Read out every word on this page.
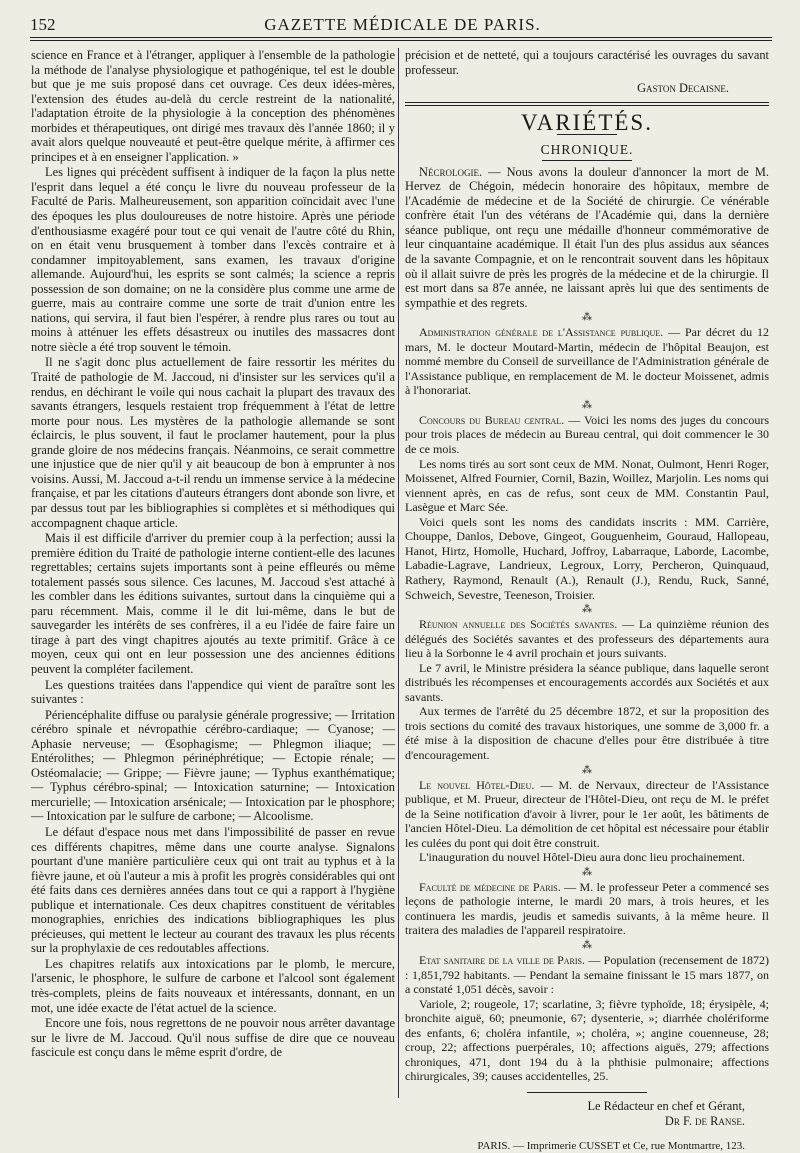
152	GAZETTE MÉDICALE DE PARIS.

science en France et à l'étranger, appliquer à l'ensemble de la pathologie la méthode de l'analyse physiologique et pathogénique, tel est le double but que je me suis proposé dans cet ouvrage. Ces deux idées-mères, l'extension des études au-delà du cercle restreint de la nationalité, l'adaptation étroite de la physiologie à la conception des phénomènes morbides et thérapeutiques, ont dirigé mes travaux dès l'année 1860; il y avait alors quelque nouveauté et peut-être quelque mérite, à affirmer ces principes et à en enseigner l'application. »

Les lignes qui précèdent suffisent à indiquer de la façon la plus nette l'esprit dans lequel a été conçu le livre du nouveau professeur de la Faculté de Paris. Malheureusement, son apparition coïncidait avec l'une des époques les plus douloureuses de notre histoire. Après une période d'enthousiasme exagéré pour tout ce qui venait de l'autre côté du Rhin, on en était venu brusquement à tomber dans l'excès contraire et à condamner impitoyablement, sans examen, les travaux d'origine allemande. Aujourd'hui, les esprits se sont calmés; la science a repris possession de son domaine; on ne la considère plus comme une arme de guerre, mais au contraire comme une sorte de trait d'union entre les nations, qui servira, il faut bien l'espérer, à rendre plus rares ou tout au moins à atténuer les effets désastreux ou inutiles des massacres dont notre siècle a été trop souvent le témoin.

Il ne s'agit donc plus actuellement de faire ressortir les mérites du Traité de pathologie de M. Jaccoud, ni d'insister sur les services qu'il a rendus, en déchirant le voile qui nous cachait la plupart des travaux des savants étrangers, lesquels restaient trop fréquemment à l'état de lettre morte pour nous. Les mystères de la pathologie allemande se sont éclaircis, le plus souvent, il faut le proclamer hautement, pour la plus grande gloire de nos médecins français. Néanmoins, ce serait commettre une injustice que de nier qu'il y ait beaucoup de bon à emprunter à nos voisins. Aussi, M. Jaccoud a-t-il rendu un immense service à la médecine française, et par les citations d'auteurs étrangers dont abonde son livre, et par dessus tout par les bibliographies si complètes et si méthodiques qui accompagnent chaque article.

Mais il est difficile d'arriver du premier coup à la perfection; aussi la première édition du Traité de pathologie interne contient-elle des lacunes regrettables; certains sujets importants sont à peine effleurés ou même totalement passés sous silence. Ces lacunes, M. Jaccoud s'est attaché à les combler dans les éditions suivantes, surtout dans la cinquième qui a paru récemment. Mais, comme il le dit lui-même, dans le but de sauvegarder les intérêts de ses confrères, il a eu l'idée de faire faire un tirage à part des vingt chapitres ajoutés au texte primitif. Grâce à ce moyen, ceux qui ont en leur possession une des anciennes éditions peuvent la compléter facilement.

Les questions traitées dans l'appendice qui vient de paraître sont les suivantes :

Périencéphalite diffuse ou paralysie générale progressive; — Irritation cérébro spinale et névropathie cérébro-cardiaque; — Cyanose; — Aphasie nerveuse; — Œsophagisme; — Phlegmon iliaque; — Entérolithes; — Phlegmon périnéphrétique; — Ectopie rénale; — Ostéomalacie; — Grippe; — Fièvre jaune; — Typhus exanthématique; — Typhus cérébro-spinal; — Intoxication saturnine; — Intoxication mercurielle; — Intoxication arsénicale; — Intoxication par le phosphore; — Intoxication par le sulfure de carbone; — Alcoolisme.

Le défaut d'espace nous met dans l'impossibilité de passer en revue ces différents chapitres, même dans une courte analyse. Signalons pourtant d'une manière particulière ceux qui ont trait au typhus et à la fièvre jaune, et où l'auteur a mis à profit les progrès considérables qui ont été faits dans ces dernières années dans tout ce qui a rapport à l'hygiène publique et internationale. Ces deux chapitres constituent de véritables monographies, enrichies des indications bibliographiques les plus précieuses, qui mettent le lecteur au courant des travaux les plus récents sur la prophylaxie de ces redoutables affections.

Les chapitres relatifs aux intoxications par le plomb, le mercure, l'arsenic, le phosphore, le sulfure de carbone et l'alcool sont également très-complets, pleins de faits nouveaux et intéressants, donnant, en un mot, une idée exacte de l'état actuel de la science.

Encore une fois, nous regrettons de ne pouvoir nous arrêter davantage sur le livre de M. Jaccoud. Qu'il nous suffise de dire que ce nouveau fascicule est conçu dans le même esprit d'ordre, de

précision et de netteté, qui a toujours caractérisé les ouvrages du savant professeur.

Gaston Decaisne.
VARIÉTÉS.
CHRONIQUE.

Nécrologie. — Nous avons la douleur d'annoncer la mort de M. Hervez de Chégoin, médecin honoraire des hôpitaux, membre de l'Académie de médecine et de la Société de chirurgie. Ce vénérable confrère était l'un des vétérans de l'Académie qui, dans la dernière séance publique, ont reçu une médaille d'honneur commémorative de leur cinquantaine académique. Il était l'un des plus assidus aux séances de la savante Compagnie, et on le rencontrait souvent dans les hôpitaux où il allait suivre de près les progrès de la médecine et de la chirurgie. Il est mort dans sa 87e année, ne laissant après lui que des sentiments de sympathie et des regrets.

⁂

Administration générale de l'Assistance publique. — Par décret du 12 mars, M. le docteur Moutard-Martin, médecin de l'hôpital Beaujon, est nommé membre du Conseil de surveillance de l'Administration générale de l'Assistance publique, en remplacement de M. le docteur Moissenet, admis à l'honorariat.

⁂

Concours du Bureau central. — Voici les noms des juges du concours pour trois places de médecin au Bureau central, qui doit commencer le 30 de ce mois.

Les noms tirés au sort sont ceux de MM. Nonat, Oulmont, Henri Roger, Moissenet, Alfred Fournier, Cornil, Bazin, Woillez, Marjolin. Les noms qui viennent après, en cas de refus, sont ceux de MM. Constantin Paul, Lasègue et Marc Sée.

Voici quels sont les noms des candidats inscrits : MM. Carrière, Chouppe, Danlos, Debove, Gingeot, Gouguenheim, Gouraud, Hallopeau, Hanot, Hirtz, Homolle, Huchard, Joffroy, Labarraque, Laborde, Lacombe, Labadie-Lagrave, Landrieux, Legroux, Lorry, Percheron, Quinquaud, Rathery, Raymond, Renault (A.), Renault (J.), Rendu, Ruck, Sanné, Schweich, Sevestre, Teeneson, Troisier.

⁂

Réunion annuelle des Sociétés savantes. — La quinzième réunion des délégués des Sociétés savantes et des professeurs des départements aura lieu à la Sorbonne le 4 avril prochain et jours suivants.

Le 7 avril, le Ministre présidera la séance publique, dans laquelle seront distribués les récompenses et encouragements accordés aux Sociétés et aux savants.

Aux termes de l'arrêté du 25 décembre 1872, et sur la proposition des trois sections du comité des travaux historiques, une somme de 3,000 fr. a été mise à la disposition de chacune d'elles pour être distribuée à titre d'encouragement.

⁂

Le nouvel Hôtel-Dieu. — M. de Nervaux, directeur de l'Assistance publique, et M. Prueur, directeur de l'Hôtel-Dieu, ont reçu de M. le préfet de la Seine notification d'avoir à livrer, pour le 1er août, les bâtiments de l'ancien Hôtel-Dieu. La démolition de cet hôpital est nécessaire pour établir les culées du pont qui doit être construit.

L'inauguration du nouvel Hôtel-Dieu aura donc lieu prochainement.

⁂

Faculté de médecine de Paris. — M. le professeur Peter a commencé ses leçons de pathologie interne, le mardi 20 mars, à trois heures, et les continuera les mardis, jeudis et samedis suivants, à la même heure. Il traitera des maladies de l'appareil respiratoire.

⁂

Etat sanitaire de la ville de Paris. — Population (recensement de 1872) : 1,851,792 habitants. — Pendant la semaine finissant le 15 mars 1877, on a constaté 1,051 décès, savoir :

Variole, 2; rougeole, 17; scarlatine, 3; fièvre typhoïde, 18; érysipèle, 4; bronchite aiguë, 60; pneumonie, 67; dysenterie, »; diarrhée cholériforme des enfants, 6; choléra infantile, »; choléra, »; angine couenneuse, 28; croup, 22; affections puerpérales, 10; affections aiguës, 279; affections chroniques, 471, dont 194 du à la phthisie pulmonaire; affections chirurgicales, 39; causes accidentelles, 25.

Le Rédacteur en chef et Gérant,
Dr F. de Ranse.
PARIS. — Imprimerie CUSSET et Ce, rue Montmartre, 123.
